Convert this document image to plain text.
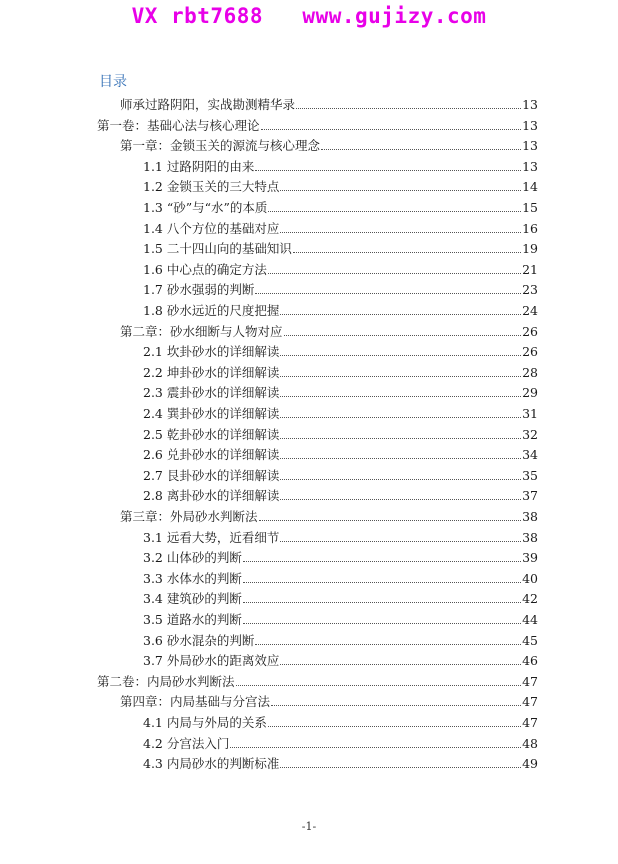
VX rbt7688   www.gujizy.com
目录
师承过路阴阳，实战勘测精华录	13
第一卷：基础心法与核心理论	13
第一章：金锁玉关的源流与核心理念	13
1.1 过路阴阳的由来	13
1.2 金锁玉关的三大特点	14
1.3 “砂”与“水”的本质	15
1.4 八个方位的基础对应	16
1.5 二十四山向的基础知识	19
1.6 中心点的确定方法	21
1.7 砂水强弱的判断	23
1.8 砂水远近的尺度把握	24
第二章：砂水细断与人物对应	26
2.1 坎卦砂水的详细解读	26
2.2 坤卦砂水的详细解读	28
2.3 震卦砂水的详细解读	29
2.4 巽卦砂水的详细解读	31
2.5 乾卦砂水的详细解读	32
2.6 兑卦砂水的详细解读	34
2.7 艮卦砂水的详细解读	35
2.8 离卦砂水的详细解读	37
第三章：外局砂水判断法	38
3.1 远看大势，近看细节	38
3.2 山体砂的判断	39
3.3 水体水的判断	40
3.4 建筑砂的判断	42
3.5 道路水的判断	44
3.6 砂水混杂的判断	45
3.7 外局砂水的距离效应	46
第二卷：内局砂水判断法	47
第四章：内局基础与分宫法	47
4.1 内局与外局的关系	47
4.2 分宫法入门	48
4.3 内局砂水的判断标准	49
-1-
